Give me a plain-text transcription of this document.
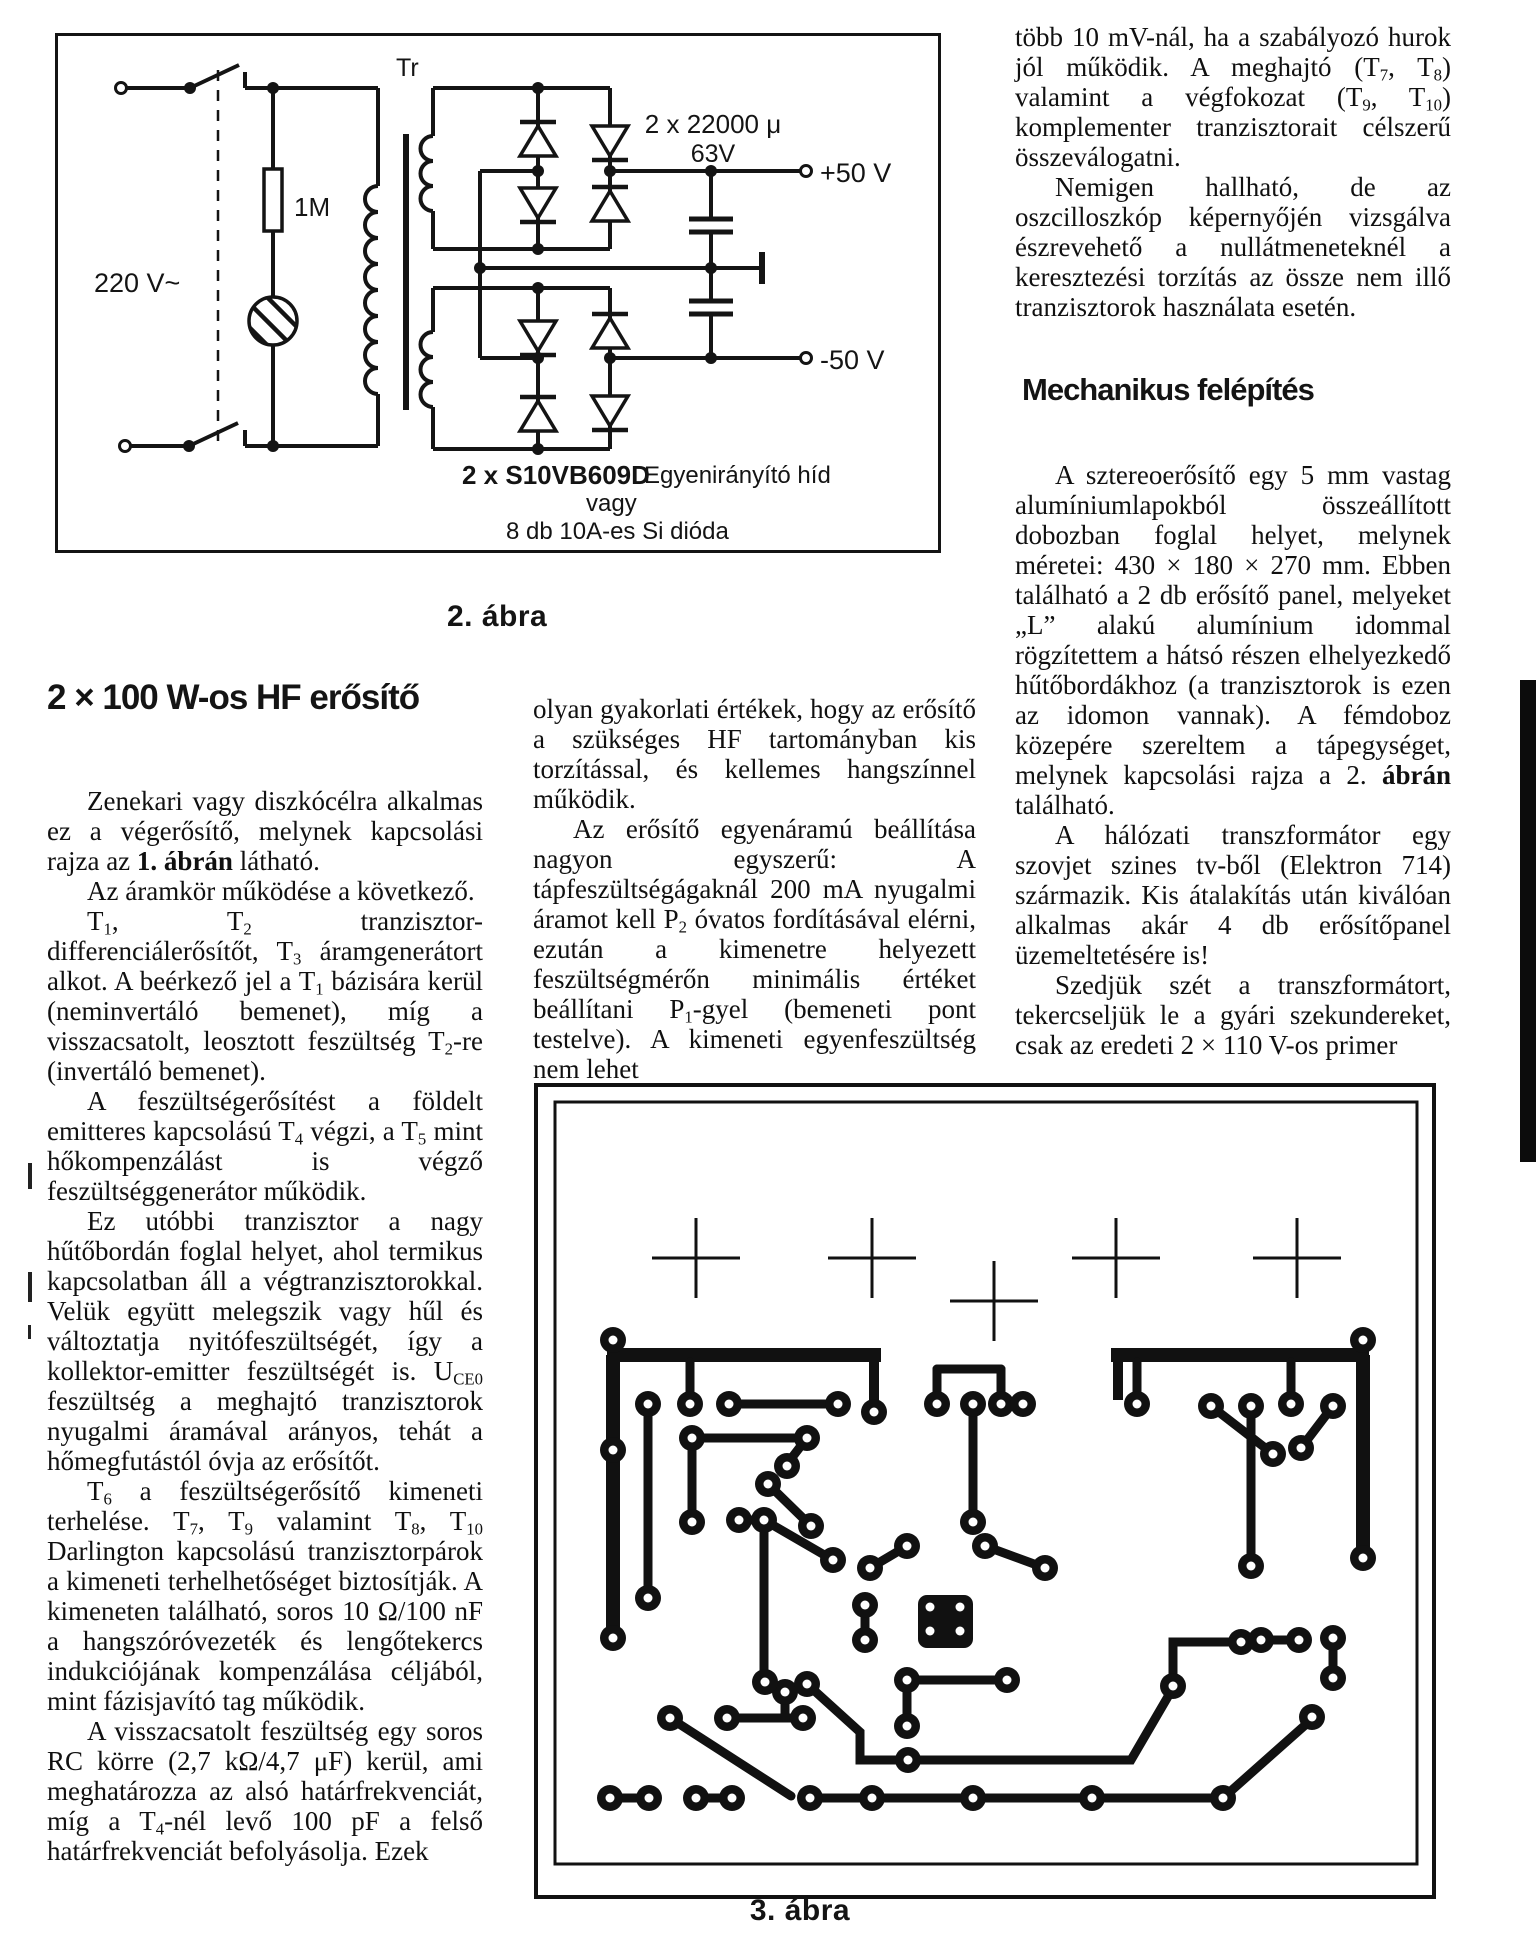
Tr
2 x 22000 μ
63V
+50 V
-50 V
220 V~
1M
2 x S10VB609D
Egyenirányító híd
vagy
8 db 10A-es Si dióda
2. ábra
2 × 100 W-os HF erősítő

Zenekari vagy diszkócélra alkalmas ez a végerősítő, melynek kapcsolási rajza az 1. ábrán látható.

Az áramkör működése a következő.

$T_1$, $T_2$ tranzisztor-differenciálerősítőt, $T_3$ áramgenerátort alkot. A beérkező jel a $T_1$ bázisára kerül (neminvertáló bemenet), míg a visszacsatolt, leosztott feszültség $T_2-re$ (invertáló bemenet).

A feszültségerősítést a földelt emitteres kapcsolású $T_4$ végzi, a $T_5$ mint hőkompenzálást is végző feszültséggenerátor működik.

Ez utóbbi tranzisztor a nagy hűtőbordán foglal helyet, ahol termikus kapcsolatban áll a végtranzisztorokkal. Velük együtt melegszik vagy hűl és változtatja nyitófeszültségét, így a kollektor-emitter feszültségét is. $U_{CE0}$ feszültség a meghajtó tranzisztorok nyugalmi áramával arányos, tehát a hőmegfutástól óvja az erősítőt.

$T_6$ a feszültségerősítő kimeneti terhelése. $T_7$, $T_9$ valamint $T_8$, $T_{10}$ Darlington kapcsolású tranzisztorpárok a kimeneti terhelhetőséget biztosítják. A kimeneten található, soros 10 Ω/100 nF a hangszóróvezeték és lengőtekercs indukciójának kompenzálása céljából, mint fázisjavító tag működik.

A visszacsatolt feszültség egy soros RC körre (2,7 kΩ/4,7 μF) kerül, ami meghatározza az alsó határfrekvenciát, míg a $T_4$-nél levő 100 pF a felső határfrekvenciát befolyásolja. Ezek

olyan gyakorlati értékek, hogy az erősítő a szükséges HF tartományban kis torzítással, és kellemes hangszínnel működik.

Az erősítő egyenáramú beállítása nagyon egyszerű: A tápfeszültségágaknál 200 mA nyugalmi áramot kell $P_2$ óvatos fordításával elérni, ezután a kimenetre helyezett feszültségmérőn minimális értéket beállítani $P_1$-gyel (bemeneti pont testelve). A kimeneti egyenfeszültség nem lehet

több 10 mV-nál, ha a szabályozó hurok jól működik. A meghajtó ($T_7$, $T_8$) valamint a végfokozat ($T_9$, $T_{10}$) komplementer tranzisztorait célszerű összeválogatni.

Nemigen hallható, de az oszcilloszkóp képernyőjén vizsgálva észrevehető a nullátmeneteknél a keresztezési torzítás az össze nem illő tranzisztorok használata esetén.

Mechanikus felépítés

A sztereoerősítő egy 5 mm vastag alumíniumlapokból összeállított dobozban foglal helyet, melynek méretei: 430 × 180 × 270 mm. Ebben található a 2 db erősítő panel, melyeket „L” alakú alumínium idommal rögzítettem a hátsó részen elhelyezkedő hűtőbordákhoz (a tranzisztorok is ezen az idomon vannak). A fémdoboz közepére szereltem a tápegységet, melynek kapcsolási rajza a 2. ábrán található.

A hálózati transzformátor egy szovjet szines tv-ből (Elektron 714) származik. Kis átalakítás után kiválóan alkalmas akár 4 db erősítőpanel üzemeltetésére is!

Szedjük szét a transzformátort, tekercseljük le a gyári szekundereket, csak az eredeti 2 × 110 V-os primer

3. ábra
